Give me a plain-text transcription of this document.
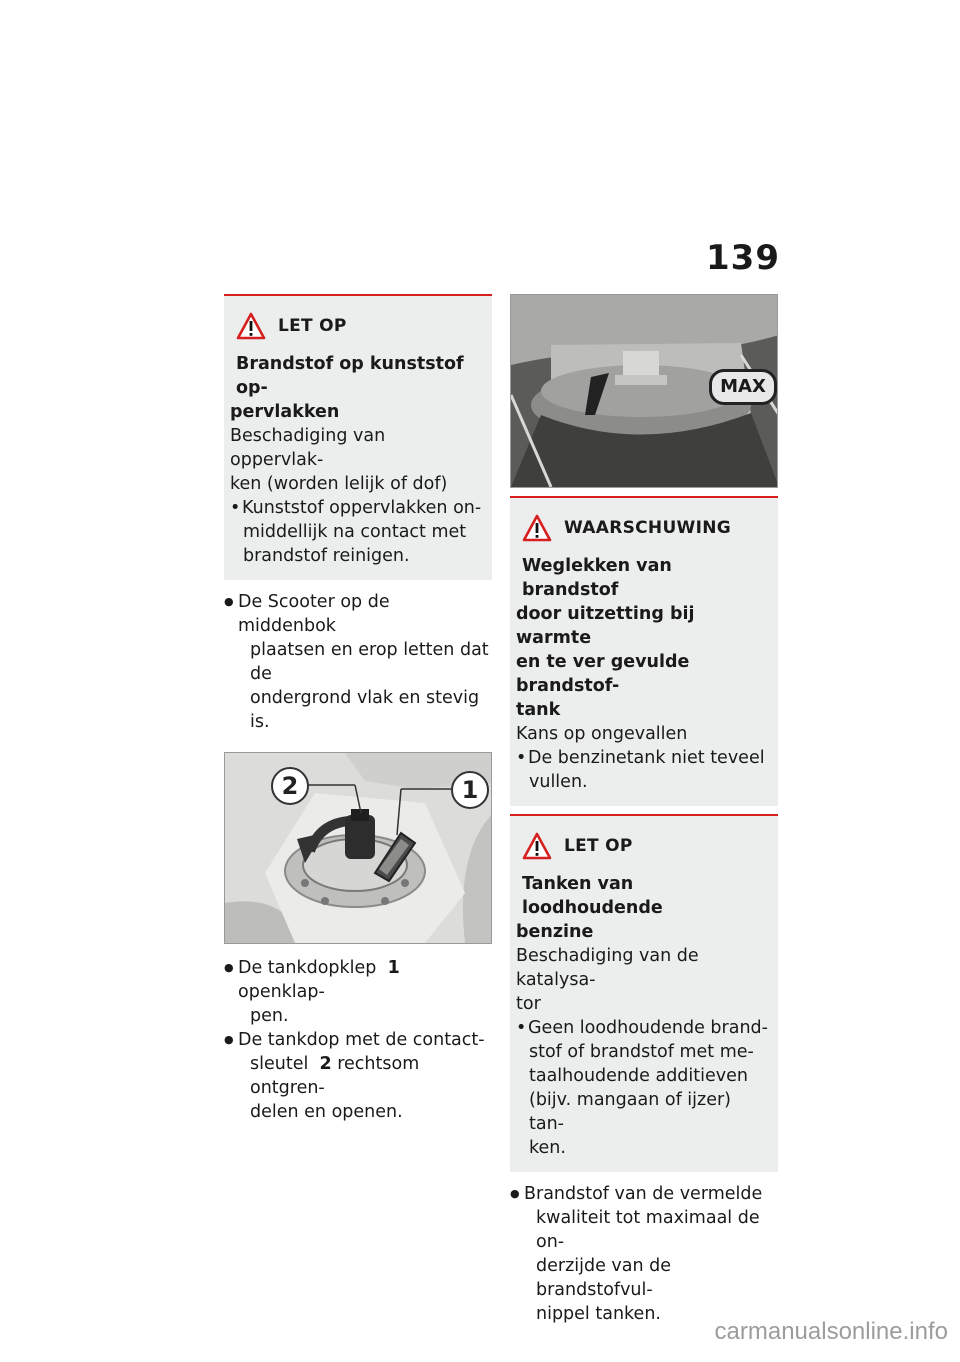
139
LET OP
Brandstof op kunststof op-
pervlakken

Beschadiging van oppervlak-

ken (worden lelijk of dof)

• Kunststof oppervlakken on-
middellijk na contact met
brandstof reinigen.
● De Scooter op de middenbok
plaatsen en erop letten dat de
ondergrond vlak en stevig is.
2	1
● De tankdopklep 1 openklap-
pen.
● De tankdop met de contact-
sleutel 2 rechtsom ontgren-
delen en openen.
MAX
WAARSCHUWING
Weglekken van brandstof
door uitzetting bij warmte
en te ver gevulde brandstof-
tank

Kans op ongevallen

• De benzinetank niet teveel
vullen.
LET OP
Tanken van loodhoudende
benzine

Beschadiging van de katalysa-

tor

• Geen loodhoudende brand-
stof of brandstof met me-
taalhoudende additieven
(bijv. mangaan of ijzer) tan-
ken.
● Brandstof van de vermelde
kwaliteit tot maximaal de on-
derzijde van de brandstofvul-
nippel tanken.
carmanualsonline.info
